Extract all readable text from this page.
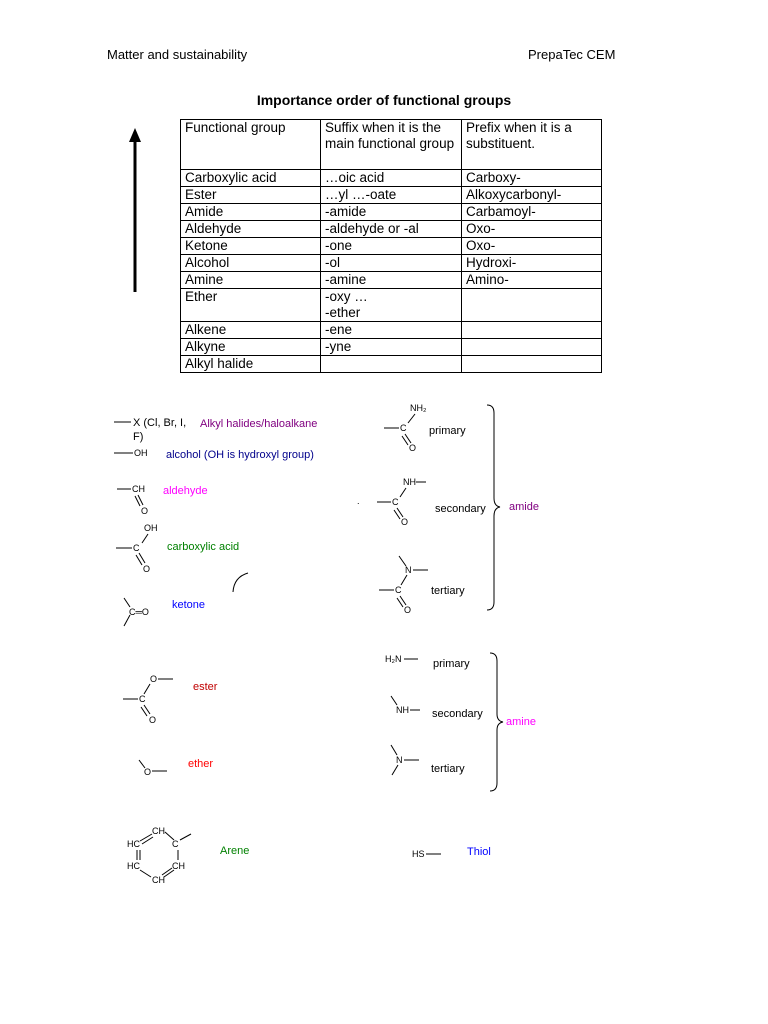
Matter and sustainability	PrepaTec CEM
Importance order of functional groups
Functional group	Suffix when it is the main functional group	Prefix when it is a substituent.
Carboxylic acid	…oic acid	Carboxy-
Ester	…yl …-oate	Alkoxycarbonyl-
Amide	-amide	Carbamoyl-
Aldehyde	-aldehyde or -al	Oxo-
Ketone	-one	Oxo-
Alcohol	-ol	Hydroxi-
Amine	-amine	Amino-
Ether	-oxy …
-ether	
Alkene	-ene	
Alkyne	-yne	
Alkyl halide		
OH
CH
O
OH
C
O
C═O
O
C
O
O
CH
HC	C
HC	CH
CH
NH₂
C
O
.
NH
C
O
N
C
O
H₂N
NH
N
HS
X (Cl, Br, I, F)
Alkyl halides/haloalkane
alcohol (OH is hydroxyl group)
aldehyde
carboxylic acid
ketone
ester
ether
Arene
primary
secondary
tertiary
amide
primary
secondary
tertiary
amine
Thiol
